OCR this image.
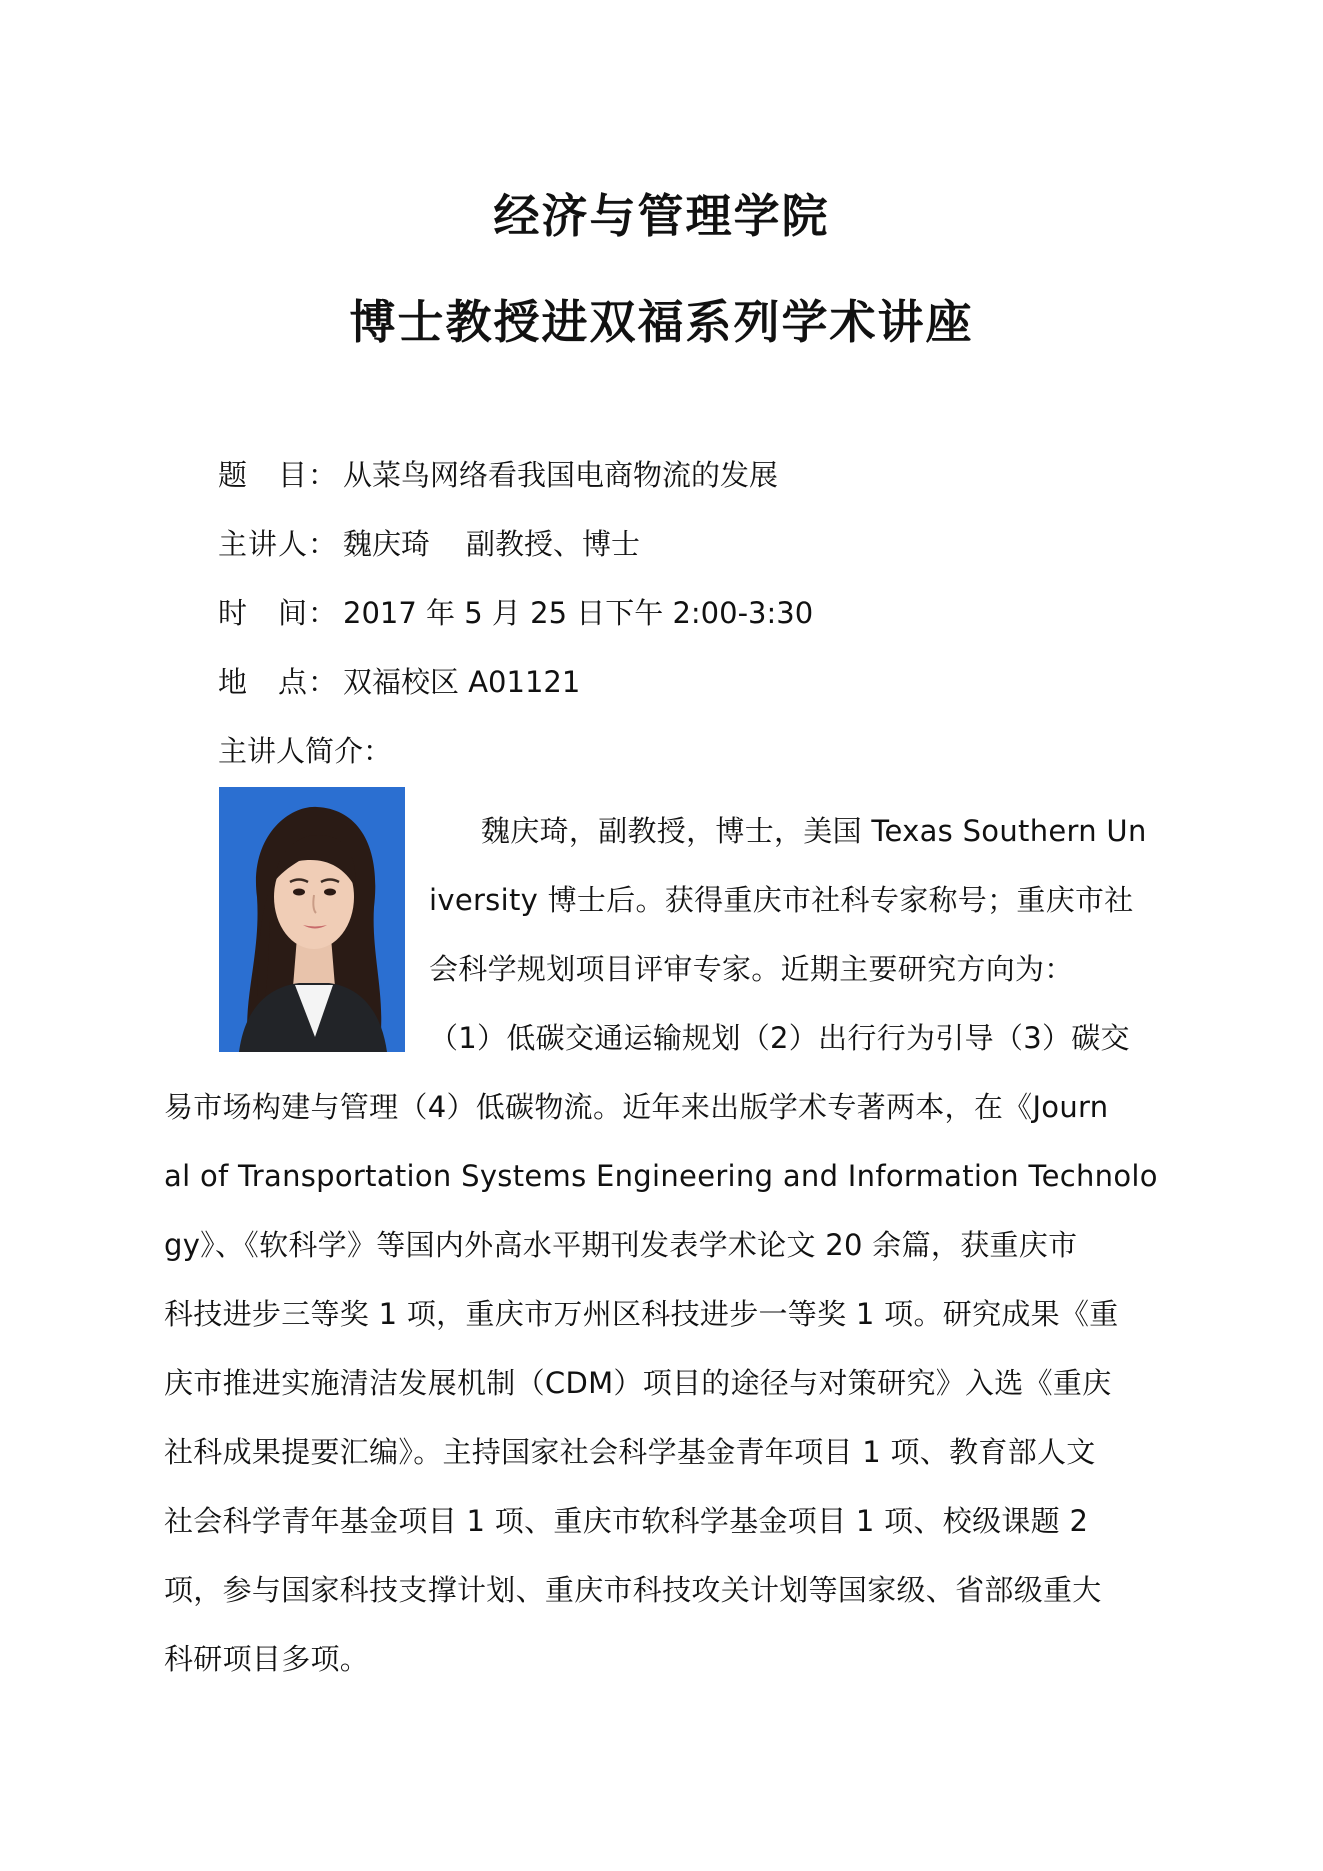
经济与管理学院
博士教授进双福系列学术讲座
题　目： 从菜鸟网络看我国电商物流的发展
主讲人： 魏庆琦 副教授、博士
时　间： 2017 年 5 月 25 日下午 2:00-3:30
地　点： 双福校区 A01121
主讲人简介：
魏庆琦，副教授，博士，美国 Texas Southern Un
iversity 博士后。获得重庆市社科专家称号；重庆市社
会科学规划项目评审专家。近期主要研究方向为：
（1）低碳交通运输规划（2）出行行为引导（3）碳交
易市场构建与管理（4）低碳物流。近年来出版学术专著两本，在《Journ
al of Transportation Systems Engineering and Information Technolo
gy》、《软科学》等国内外高水平期刊发表学术论文 20 余篇，获重庆市
科技进步三等奖 1 项，重庆市万州区科技进步一等奖 1 项。研究成果《重
庆市推进实施清洁发展机制（CDM）项目的途径与对策研究》入选《重庆
社科成果提要汇编》。主持国家社会科学基金青年项目 1 项、教育部人文
社会科学青年基金项目 1 项、重庆市软科学基金项目 1 项、校级课题 2
项，参与国家科技支撑计划、重庆市科技攻关计划等国家级、省部级重大
科研项目多项。
